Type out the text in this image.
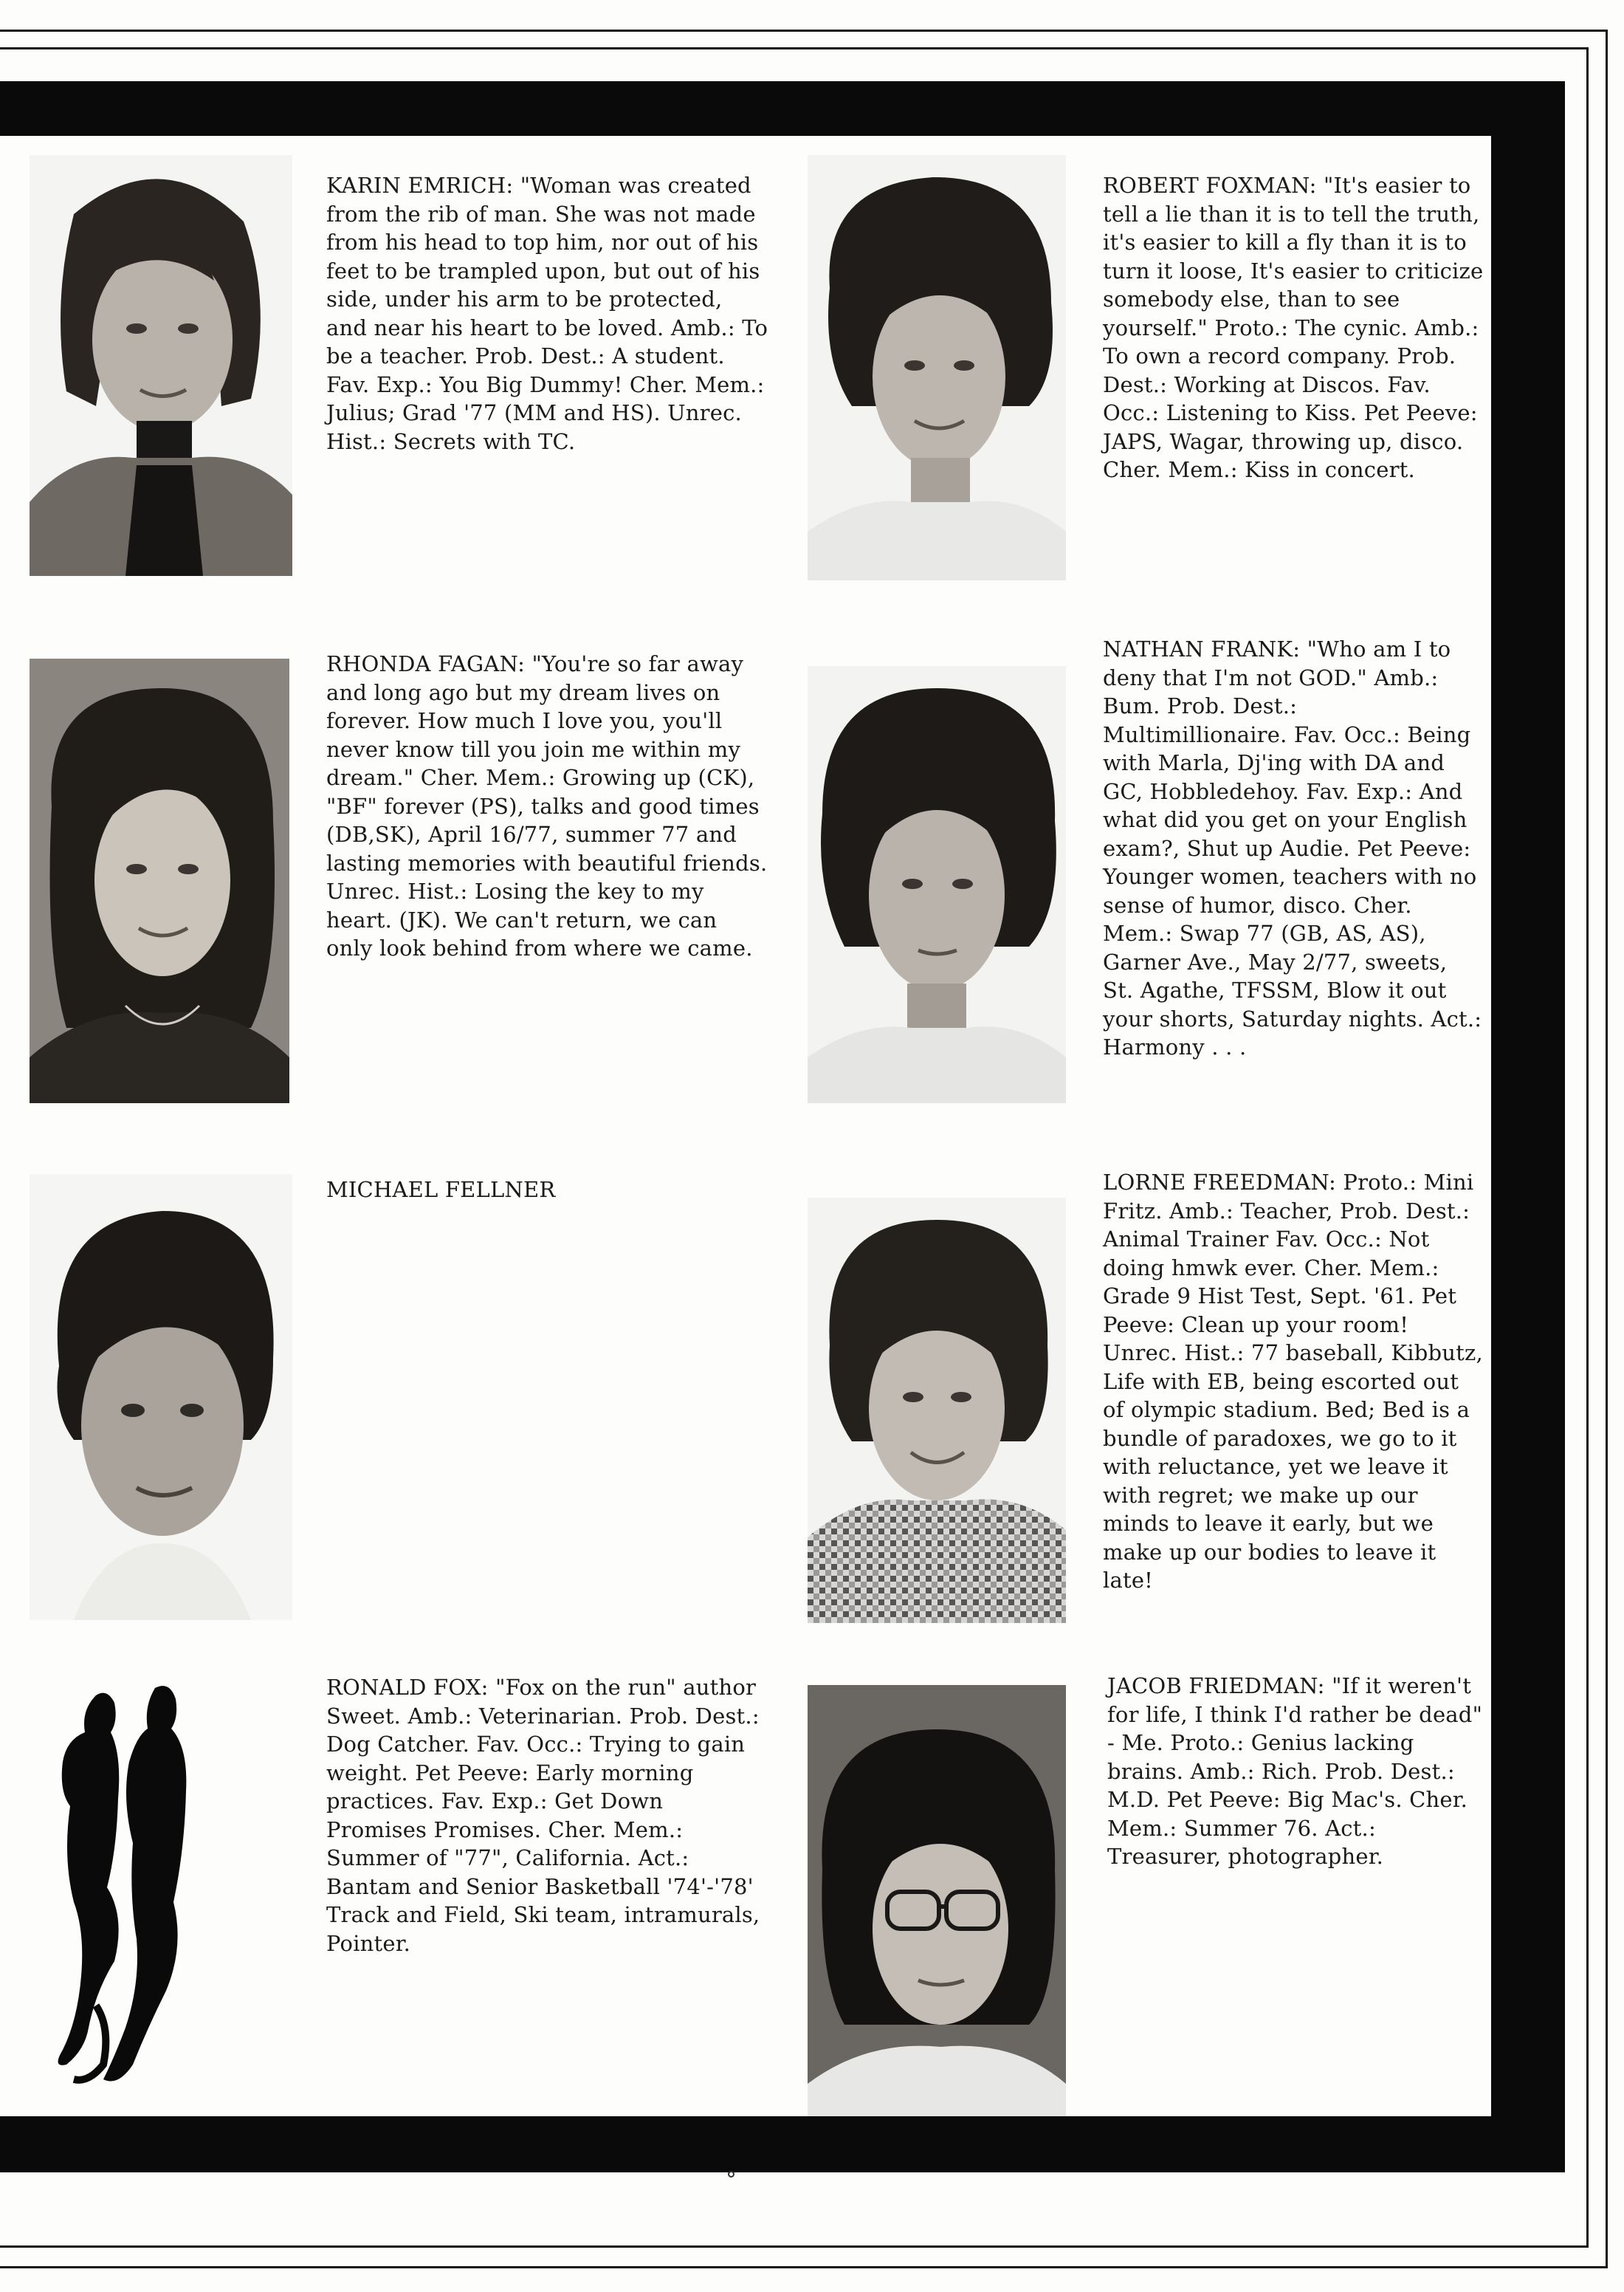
KARIN EMRICH: "Woman was created from the rib of man. She was not made from his head to top him, nor out of his feet to be trampled upon, but out of his side, under his arm to be protected, and near his heart to be loved. Amb.: To be a teacher. Prob. Dest.: A student. Fav. Exp.: You Big Dummy! Cher. Mem.: Julius; Grad '77 (MM and HS). Unrec. Hist.: Secrets with TC.

ROBERT FOXMAN: "It's easier to tell a lie than it is to tell the truth, it's easier to kill a fly than it is to turn it loose, It's easier to criticize somebody else, than to see yourself." Proto.: The cynic. Amb.: To own a record company. Prob. Dest.: Working at Discos. Fav. Occ.: Listening to Kiss. Pet Peeve: JAPS, Wagar, throwing up, disco. Cher. Mem.: Kiss in concert.

RHONDA FAGAN: "You're so far away and long ago but my dream lives on forever. How much I love you, you'll never know till you join me within my dream." Cher. Mem.: Growing up (CK), "BF" forever (PS), talks and good times (DB,SK), April 16/77, summer 77 and lasting memories with beautiful friends. Unrec. Hist.: Losing the key to my heart. (JK). We can't return, we can only look behind from where we came.

NATHAN FRANK: "Who am I to deny that I'm not GOD." Amb.: Bum. Prob. Dest.: Multimillionaire. Fav. Occ.: Being with Marla, Dj'ing with DA and GC, Hobbledehoy. Fav. Exp.: And what did you get on your English exam?, Shut up Audie. Pet Peeve: Younger women, teachers with no sense of humor, disco. Cher. Mem.: Swap 77 (GB, AS, AS), Garner Ave., May 2/77, sweets, St. Agathe, TFSSM, Blow it out your shorts, Saturday nights. Act.: Harmony . . .

MICHAEL FELLNER	LORNE FREEDMAN: Proto.: Mini Fritz. Amb.: Teacher, Prob. Dest.: Animal Trainer Fav. Occ.: Not doing hmwk ever. Cher. Mem.: Grade 9 Hist Test, Sept. '61. Pet Peeve: Clean up your room! Unrec. Hist.: 77 baseball, Kibbutz, Life with EB, being escorted out of olympic stadium. Bed; Bed is a bundle of paradoxes, we go to it with reluctance, yet we leave it with regret; we make up our minds to leave it early, but we make up our bodies to leave it late!

RONALD FOX: "Fox on the run" author Sweet. Amb.: Veterinarian. Prob. Dest.: Dog Catcher. Fav. Occ.: Trying to gain weight. Pet Peeve: Early morning practices. Fav. Exp.: Get Down Promises Promises. Cher. Mem.: Summer of "77", California. Act.: Bantam and Senior Basketball '74'-'78' Track and Field, Ski team, intramurals, Pointer.

JACOB FRIEDMAN: "If it weren't for life, I think I'd rather be dead" - Me. Proto.: Genius lacking brains. Amb.: Rich. Prob. Dest.: M.D. Pet Peeve: Big Mac's. Cher. Mem.: Summer 76. Act.: Treasurer, photographer.
